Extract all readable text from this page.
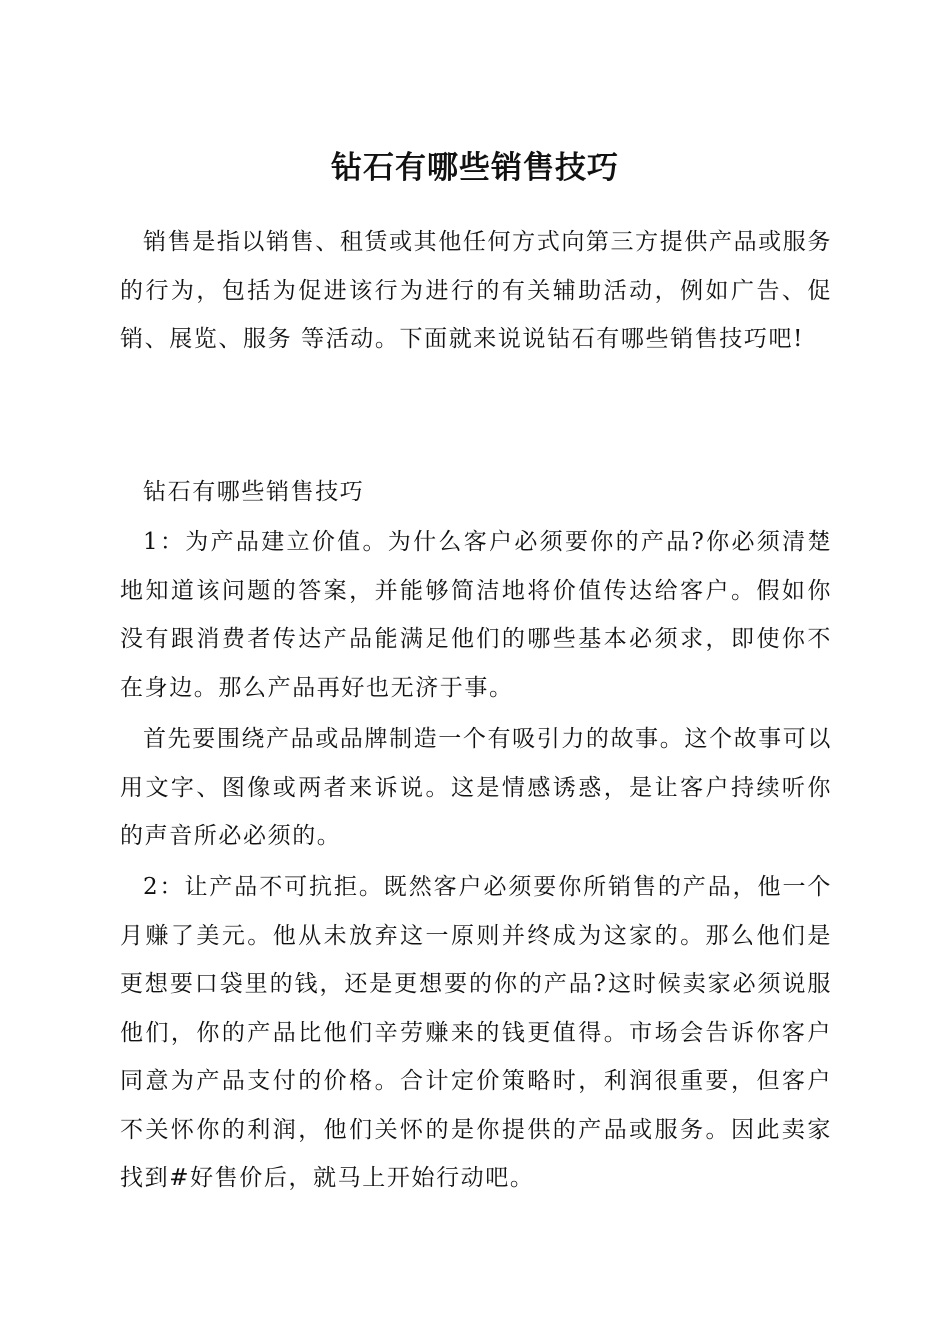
钻石有哪些销售技巧

销售是指以销售、租赁或其他任何方式向第三方提供产品或服务的行为，包括为促进该行为进行的有关辅助活动，例如广告、促销、展览、服务 等活动。下面就来说说钻石有哪些销售技巧吧!

钻石有哪些销售技巧

1：为产品建立价值。为什么客户必须要你的产品?你必须清楚地知道该问题的答案，并能够简洁地将价值传达给客户。假如你没有跟消费者传达产品能满足他们的哪些基本必须求，即使你不在身边。那么产品再好也无济于事。

首先要围绕产品或品牌制造一个有吸引力的故事。这个故事可以用文字、图像或两者来诉说。这是情感诱惑，是让客户持续听你的声音所必必须的。

2：让产品不可抗拒。既然客户必须要你所销售的产品，他一个月赚了美元。他从未放弃这一原则并终成为这家的。那么他们是更想要口袋里的钱，还是更想要的你的产品?这时候卖家必须说服他们，你的产品比他们辛劳赚来的钱更值得。市场会告诉你客户同意为产品支付的价格。合计定价策略时，利润很重要，但客户不关怀你的利润，他们关怀的是你提供的产品或服务。因此卖家找到#好售价后，就马上开始行动吧。
